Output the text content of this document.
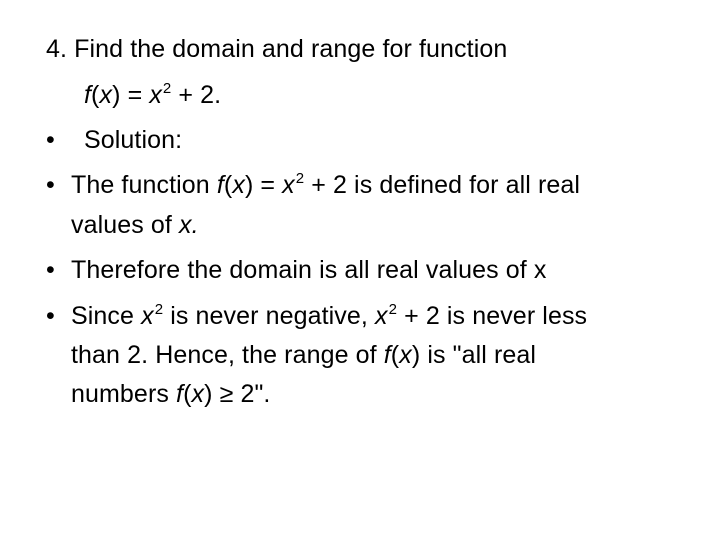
4. Find the domain and range for function
$f(x) = x^2 + 2$.
• Solution:
• The function $f(x) = x^2 + 2$ is defined for all real
values of x.
• Therefore the domain is all real values of x
• Since $x^2$ is never negative, $x^2 + 2$ is never less
than 2. Hence, the range of f(x) is "all real
numbers f(x) ≥ 2".
